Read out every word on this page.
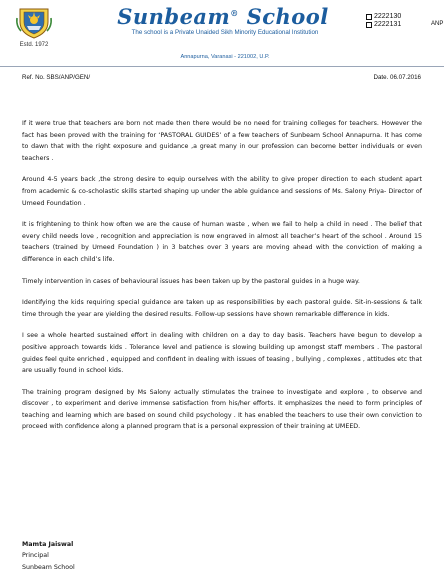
Estd. 1972
Sunbeam® School
The school is a Private Unaided Sikh Minority Educational Institution
Annapurna, Varanasi - 221002, U.P.
2222130
2222131	ANP
Ref. No. SBS/ANP/GEN/	Date. 06.07.2016

If it were true that teachers are born not made then there would be no need for training colleges for teachers. However the fact has been proved with the training for ‘PASTORAL GUIDES’ of a few teachers of Sunbeam School Annapurna. It has come to dawn that with the right exposure and guidance ,a great many in our profession can become better individuals or even teachers .

Around 4-5 years back ,the strong desire to equip ourselves with the ability to give proper direction to each student apart from academic & co-scholastic skills started shaping up under the able guidance and sessions of Ms. Salony Priya- Director of Umeed Foundation .

It is frightening to think how often we are the cause of human waste , when we fail to help a child in need . The belief that every child needs love , recognition and appreciation is now engraved in almost all teacher’s heart of the school . Around 15 teachers (trained by Umeed Foundation ) in 3 batches over 3 years are moving ahead with the conviction of making a difference in each child’s life.

Timely intervention in cases of behavioural issues has been taken up by the pastoral guides in a huge way.

Identifying the kids requiring special guidance are taken up as responsibilities by each pastoral guide. Sit-in-sessions & talk time through the year are yielding the desired results. Follow-up sessions have shown remarkable difference in kids.

I see a whole hearted sustained effort in dealing with children on a day to day basis. Teachers have begun to develop a positive approach towards kids . Tolerance level and patience is slowing building up amongst staff members . The pastoral guides feel quite enriched , equipped and confident in dealing with issues of teasing , bullying , complexes , attitudes etc that are usually found in school kids.

The training program designed by Ms Salony actually stimulates the trainee to investigate and explore , to observe and discover , to experiment and derive immense satisfaction from his/her efforts. It emphasizes the need to form principles of teaching and learning which are based on sound child psychology . It has enabled the teachers to use their own conviction to proceed with confidence along a planned program that is a personal expression of their training at UMEED.

Mamta Jaiswal
Principal
Sunbeam School
